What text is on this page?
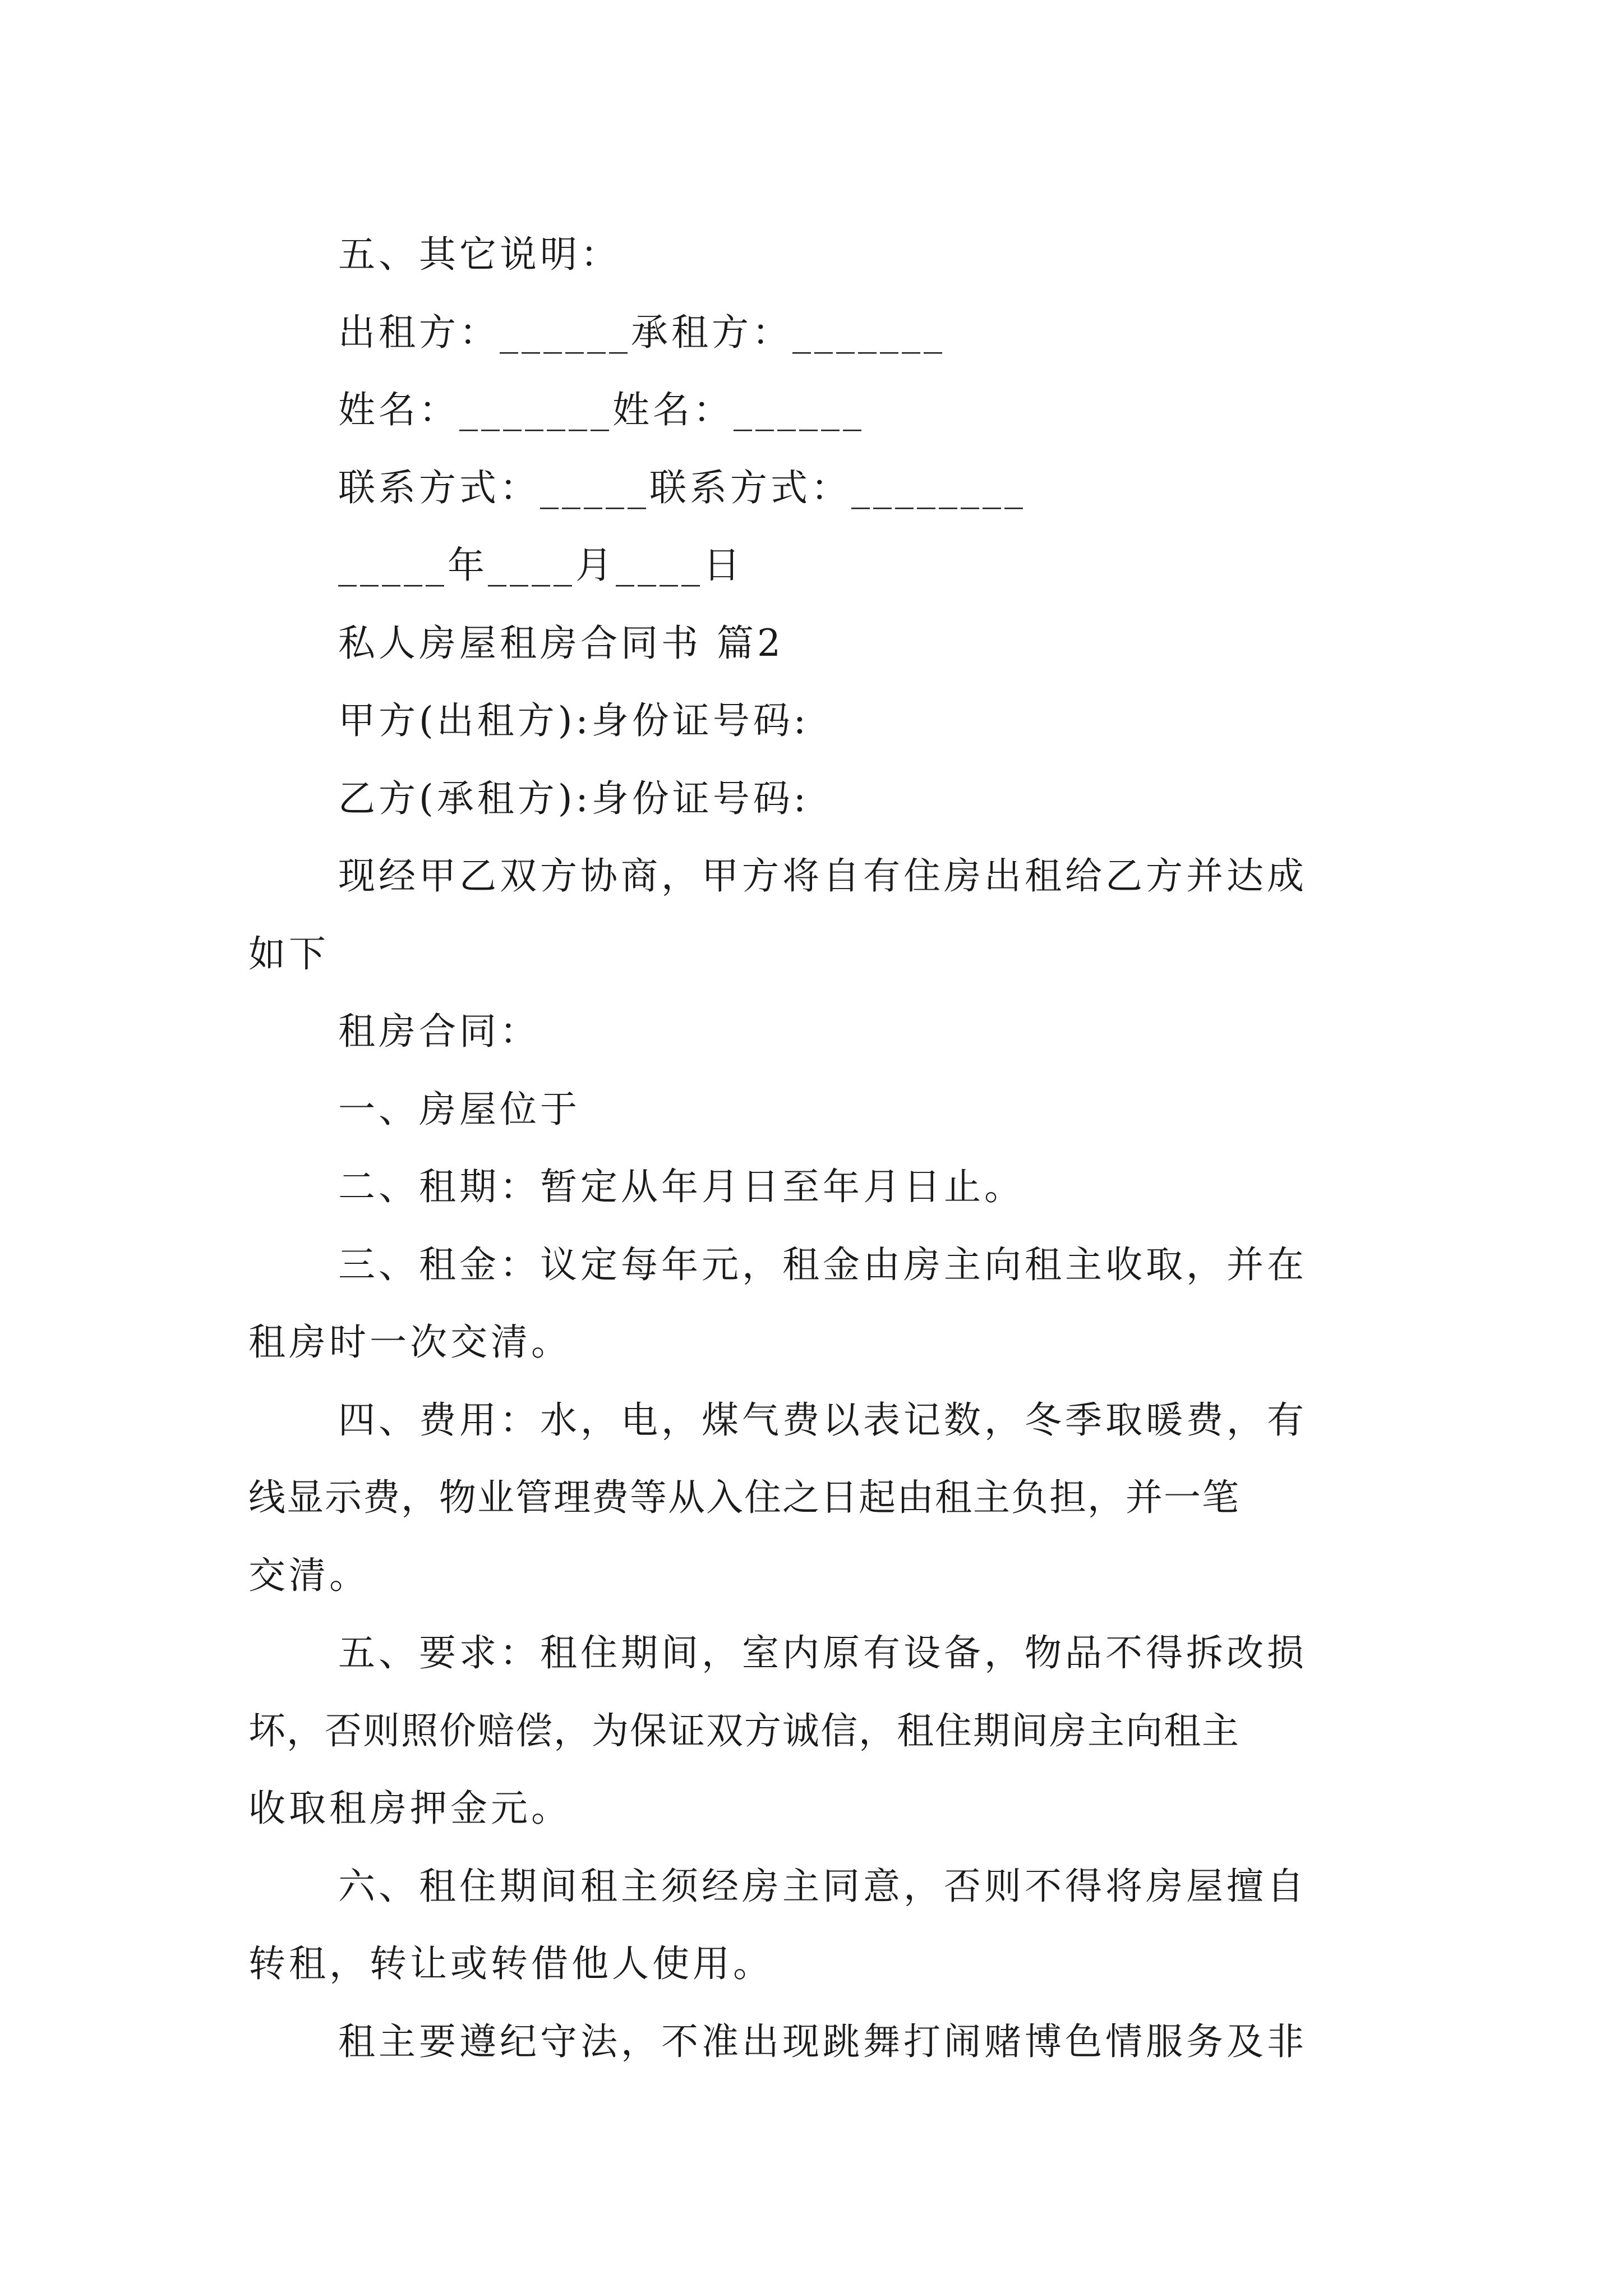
五、其它说明：
出租方：______承租方：_______
姓名：_______姓名：______
联系方式：_____联系方式：________
_____年____月____日
私人房屋租房合同书 篇2
甲方(出租方):身份证号码:
乙方(承租方):身份证号码:
现经甲乙双方协商，甲方将自有住房出租给乙方并达成
如下
租房合同：
一、房屋位于
二、租期：暂定从年月日至年月日止。
三、租金：议定每年元，租金由房主向租主收取，并在
租房时一次交清。
四、费用：水，电，煤气费以表记数，冬季取暖费，有
线显示费，物业管理费等从入住之日起由租主负担，并一笔
交清。
五、要求：租住期间，室内原有设备，物品不得拆改损
坏，否则照价赔偿，为保证双方诚信，租住期间房主向租主
收取租房押金元。
六、租住期间租主须经房主同意，否则不得将房屋擅自
转租，转让或转借他人使用。
租主要遵纪守法，不准出现跳舞打闹赌博色情服务及非
